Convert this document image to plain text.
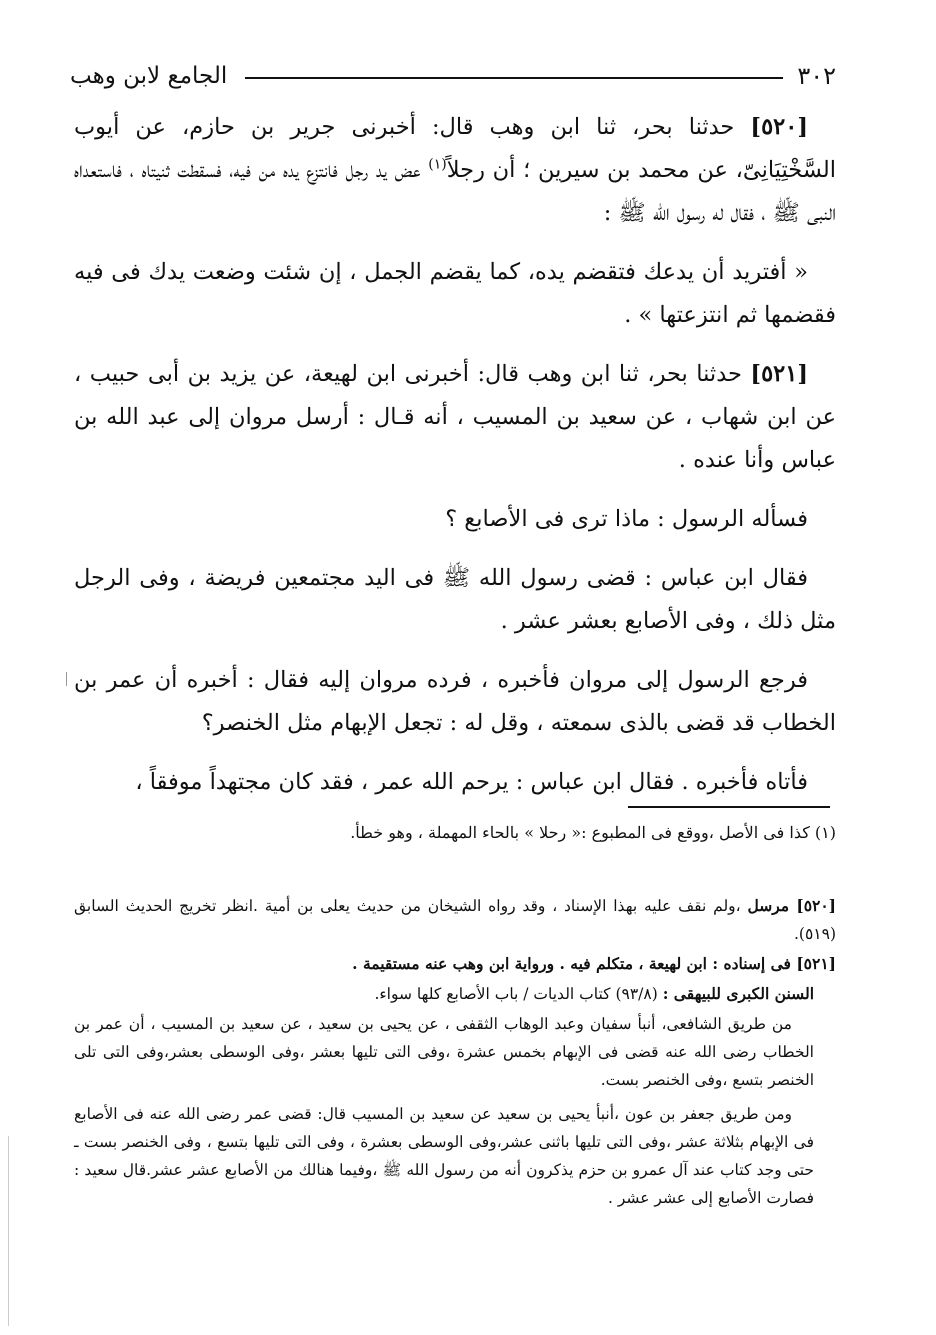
٣٠٢
الجامع لابن وهب

[٥٢٠] حدثنا بحر، ثنا ابن وهب قال: أخبرنى جرير بن حازم، عن أيوب السَّخْتِيَانِىّ، عن محمد بن سيرين ؛ أن رجلاً$^{(١)}$ عض يد رجل فانتزع يده من فيه، فسقطت ثنيتاه ، فاستعداه النبى ﷺ ، فقال له رسول الله ﷺ :

« أفتريد أن يدعك فتقضم يده، كما يقضم الجمل ، إن شئت وضعت يدك فى فيه فقضمها ثم انتزعتها » .

[٥٢١] حدثنا بحر، ثنا ابن وهب قال: أخبرنى ابن لهيعة، عن يزيد بن أبى حبيب ، عن ابن شهاب ، عن سعيد بن المسيب ، أنه قـال : أرسل مروان إلى عبد الله بن عباس وأنا عنده .

فسأله الرسول : ماذا ترى فى الأصابع ؟

فقال ابن عباس : قضى رسول الله ﷺ فى اليد مجتمعين فريضة ، وفى الرجل مثل ذلك ، وفى الأصابع بعشر عشر .

فرجع الرسول إلى مروان فأخبره ، فرده مروان إليه فقال : أخبره أن عمر بن الخطاب قد قضى بالذى سمعته ، وقل له : تجعل الإبهام مثل الخنصر؟

فأتاه فأخبره . فقال ابن عباس : يرحم الله عمر ، فقد كان مجتهداً موفقاً ،

(١) كذا فى الأصل ،ووقع فى المطبوع :« رحلا » بالحاء المهملة ، وهو خطأ.

[٥٢٠] مرسل ،ولم نقف عليه بهذا الإسناد ، وقد رواه الشيخان من حديث يعلى بن أمية .انظر تخريج الحديث السابق (٥١٩).

[٥٢١] فى إسناده : ابن لهيعة ، متكلم فيه . ورواية ابن وهب عنه مستقيمة .

السنن الكبرى للبيهقى : (٩٣/٨) كتاب الديات / باب الأصابع كلها سواء.

من طريق الشافعى، أنبأ سفيان وعبد الوهاب الثقفى ، عن يحيى بن سعيد ، عن سعيد بن المسيب ، أن عمر بن الخطاب رضى الله عنه قضى فى الإبهام بخمس عشرة ،وفى التى تليها بعشر ،وفى الوسطى بعشر،وفى التى تلى الخنصر بتسع ،وفى الخنصر بست.

ومن طريق جعفر بن عون ،أنبأ يحيى بن سعيد عن سعيد بن المسيب قال: قضى عمر رضى الله عنه فى الأصابع فى الإبهام بثلاثة عشر ،وفى التى تليها باثنى عشر،وفى الوسطى بعشرة ، وفى التى تليها بتسع ، وفى الخنصر بست ـ حتى وجد كتاب عند آل عمرو بن حزم يذكرون أنه من رسول الله ﷺ ،وفيما هنالك من الأصابع عشر عشر.قال سعيد : فصارت الأصابع إلى عشر عشر .
